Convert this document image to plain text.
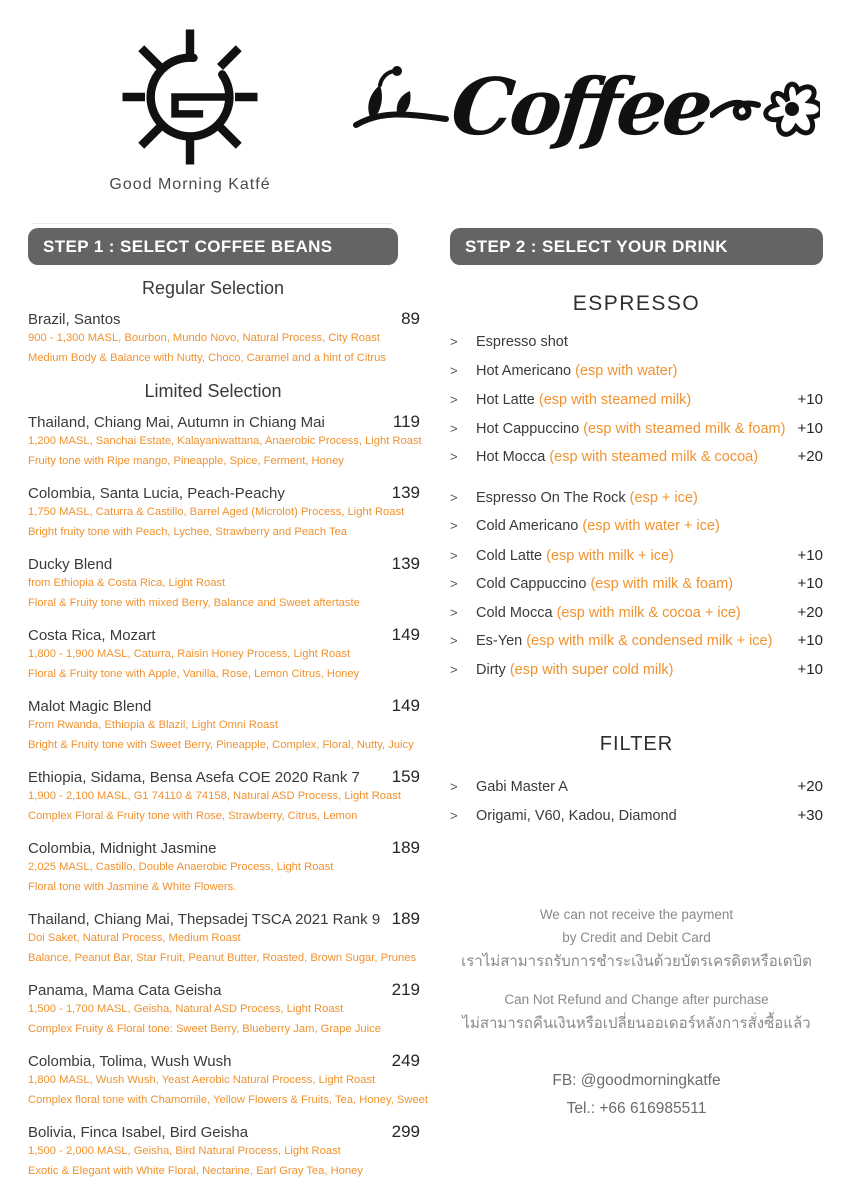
Good Morning Katfé
Coffee
STEP 1 : SELECT COFFEE BEANS
Regular Selection
Brazil, Santos	89
900 - 1,300 MASL, Bourbon, Mundo Novo, Natural Process, City Roast
Medium Body & Balance with Nutty, Choco, Caramel and a hint of Citrus
Limited Selection
Thailand, Chiang Mai, Autumn in Chiang Mai	119
1,200 MASL, Sanchai Estate, Kalayaniwattana, Anaerobic Process, Light Roast
Fruity tone with Ripe mango, Pineapple, Spice, Ferment, Honey
Colombia, Santa Lucia, Peach-Peachy	139
1,750 MASL, Caturra & Castillo, Barrel Aged (Microlot) Process, Light Roast
Bright fruity tone with Peach, Lychee, Strawberry and Peach Tea
Ducky Blend	139
from Ethiopia & Costa Rica, Light Roast
Floral & Fruity tone with mixed Berry, Balance and Sweet aftertaste
Costa Rica, Mozart	149
1,800 - 1,900 MASL, Caturra, Raisin Honey Process, Light Roast
Floral & Fruity tone with Apple, Vanilla, Rose, Lemon Citrus, Honey
Malot Magic Blend	149
From Rwanda, Ethiopia & Blazil, Light Omni Roast
Bright & Fruity tone with Sweet Berry, Pineapple, Complex, Floral, Nutty, Juicy
Ethiopia, Sidama, Bensa Asefa COE 2020 Rank 7	159
1,900 - 2,100 MASL, G1 74110 & 74158, Natural ASD Process, Light Roast
Complex Floral & Fruity tone with Rose, Strawberry, Citrus, Lemon
Colombia, Midnight Jasmine	189
2,025 MASL, Castillo, Double Anaerobic Process, Light Roast
Floral tone with Jasmine & White Flowers.
Thailand, Chiang Mai, Thepsadej TSCA 2021 Rank 9 189
Doi Saket, Natural Process, Medium Roast
Balance, Peanut Bar, Star Fruit, Peanut Butter, Roasted, Brown Sugar, Prunes
Panama, Mama Cata Geisha	219
1,500 - 1,700 MASL, Geisha, Natural ASD Process, Light Roast
Complex Fruity & Floral tone: Sweet Berry, Blueberry Jam, Grape Juice
Colombia, Tolima, Wush Wush	249
1,800 MASL, Wush Wush, Yeast Aerobic Natural Process, Light Roast
Complex floral tone with Chamomile, Yellow Flowers & Fruits, Tea, Honey, Sweet
Bolivia, Finca Isabel, Bird Geisha	299
1,500 - 2,000 MASL, Geisha, Bird Natural Process, Light Roast
Exotic & Elegant with White Floral, Nectarine, Earl Gray Tea, Honey
STEP 2 : SELECT YOUR DRINK
ESPRESSO
>	Espresso shot
>	Hot Americano (esp with water)
>	Hot Latte (esp with steamed milk)	+10
>	Hot Cappuccino (esp with steamed milk & foam) +10
>	Hot Mocca (esp with steamed milk & cocoa)	+20
>	Espresso On The Rock (esp + ice)
>	Cold Americano (esp with water + ice)
>	Cold Latte (esp with milk + ice)	+10
>	Cold Cappuccino (esp with milk & foam)	+10
>	Cold Mocca (esp with milk & cocoa + ice)	+20
>	Es-Yen (esp with milk & condensed milk + ice)	+10
>	Dirty (esp with super cold milk)	+10
FILTER
>	Gabi Master A	+20
>	Origami, V60, Kadou, Diamond	+30

We can not receive the payment

by Credit and Debit Card

เราไม่สามารถรับการชำระเงินด้วยบัตรเครดิตหรือเดบิต

Can Not Refund and Change after purchase

ไม่สามารถคืนเงินหรือเปลี่ยนออเดอร์หลังการสั่งซื้อแล้ว

FB: @goodmorningkatfe

Tel.: +66 616985511
